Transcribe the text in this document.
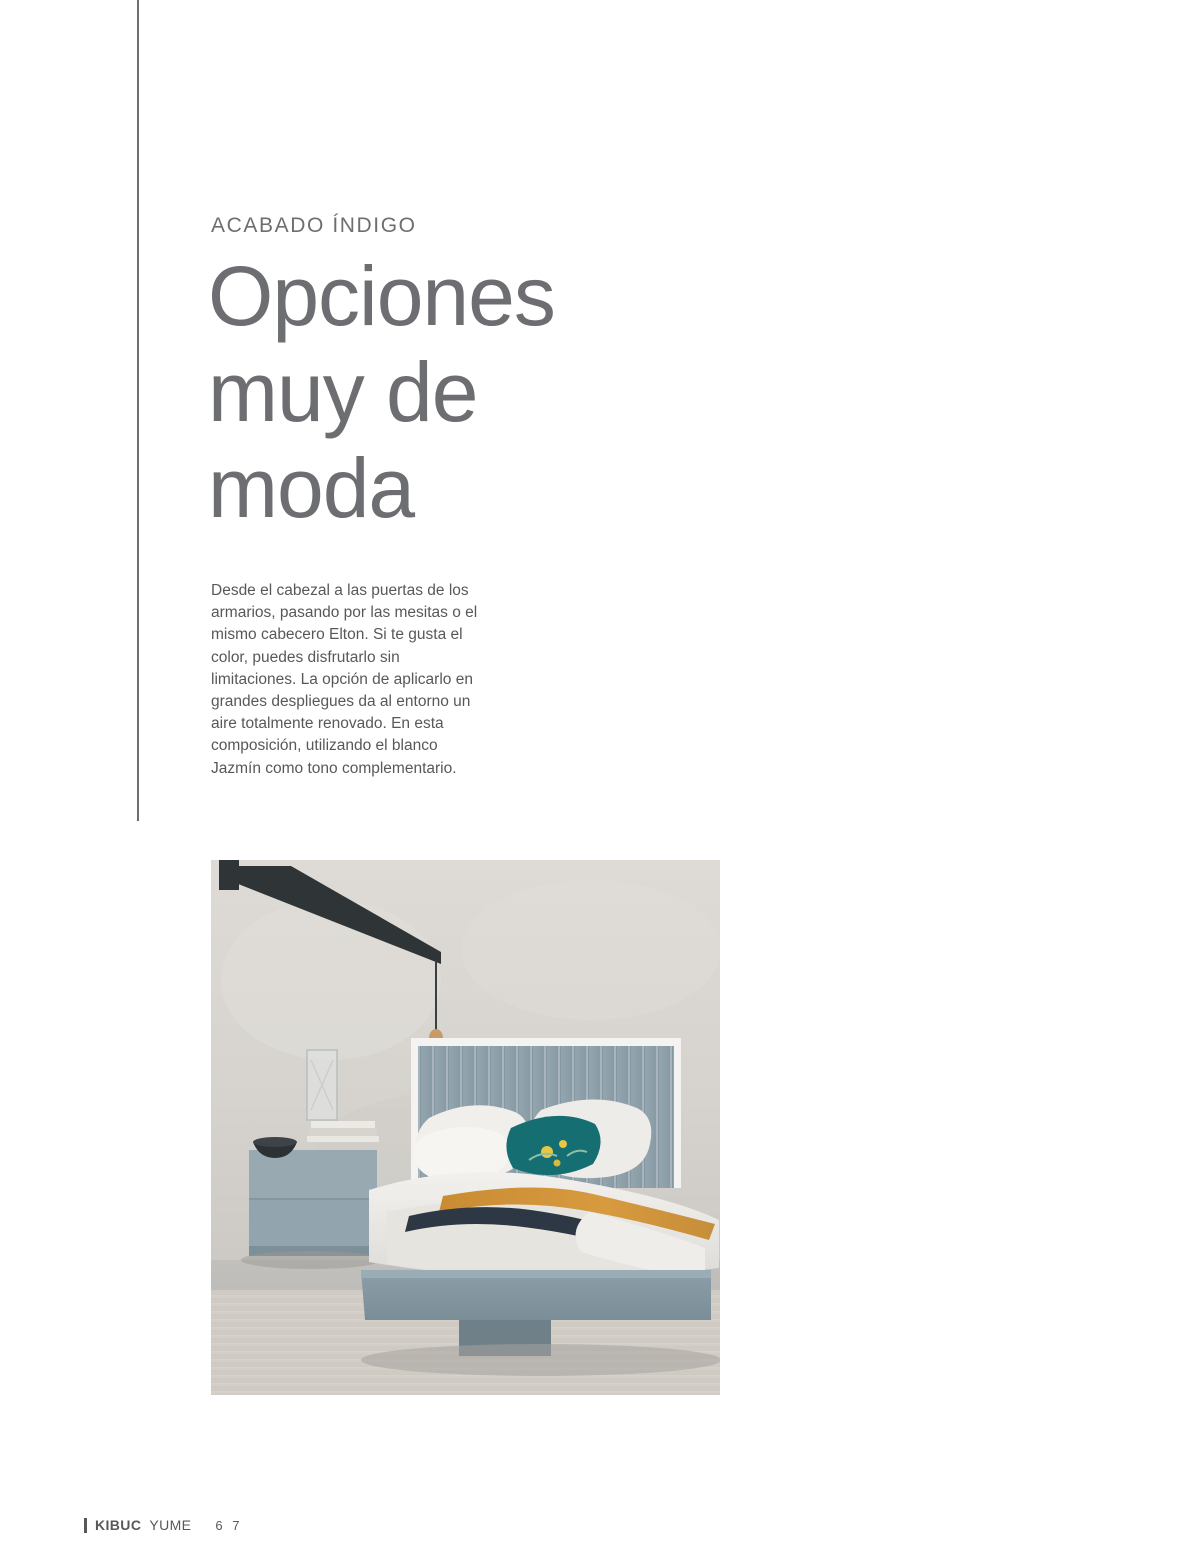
ACABADO ÍNDIGO
Opciones
muy de
moda

Desde el cabezal a las puertas de los armarios, pasando por las mesitas o el mismo cabecero Elton. Si te gusta el color, puedes disfrutarlo sin limitaciones. La opción de aplicarlo en grandes despliegues da al entorno un aire totalmente renovado. En esta composición, utilizando el blanco Jazmín como tono complementario.

KIBUC YUME 6 7
